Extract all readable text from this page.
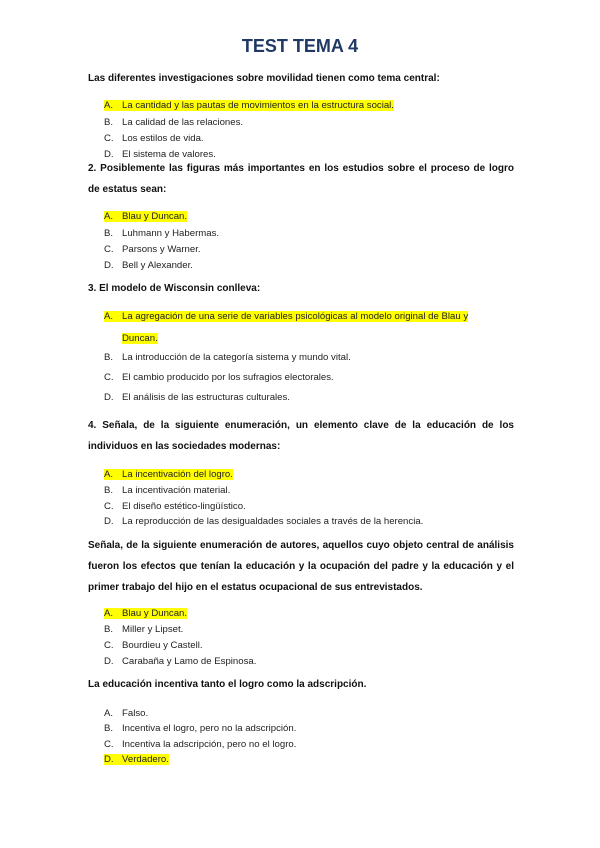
TEST TEMA 4
Las diferentes investigaciones sobre movilidad tienen como tema central:
A. La cantidad y las pautas de movimientos en la estructura social.
B. La calidad de las relaciones.
C. Los estilos de vida.
D. El sistema de valores.
2. Posiblemente las figuras más importantes en los estudios sobre el proceso de logro de estatus sean:
A. Blau y Duncan.
B. Luhmann y Habermas.
C. Parsons y Warner.
D. Bell y Alexander.
3. El modelo de Wisconsin conlleva:
A. La agregación de una serie de variables psicológicas al modelo original de Blau y
Duncan.
B. La introducción de la categoría sistema y mundo vital.
C. El cambio producido por los sufragios electorales.
D. El análisis de las estructuras culturales.
4. Señala, de la siguiente enumeración, un elemento clave de la educación de los individuos en las sociedades modernas:
A. La incentivación del logro.
B. La incentivación material.
C. El diseño estético-lingüístico.
D. La reproducción de las desigualdades sociales a través de la herencia.
Señala, de la siguiente enumeración de autores, aquellos cuyo objeto central de análisis fueron los efectos que tenían la educación y la ocupación del padre y la educación y el primer trabajo del hijo en el estatus ocupacional de sus entrevistados.
A. Blau y Duncan.
B. Miller y Lipset.
C. Bourdieu y Castell.
D. Carabaña y Lamo de Espinosa.
La educación incentiva tanto el logro como la adscripción.
A. Falso.
B. Incentiva el logro, pero no la adscripción.
C. Incentiva la adscripción, pero no el logro.
D. Verdadero.
